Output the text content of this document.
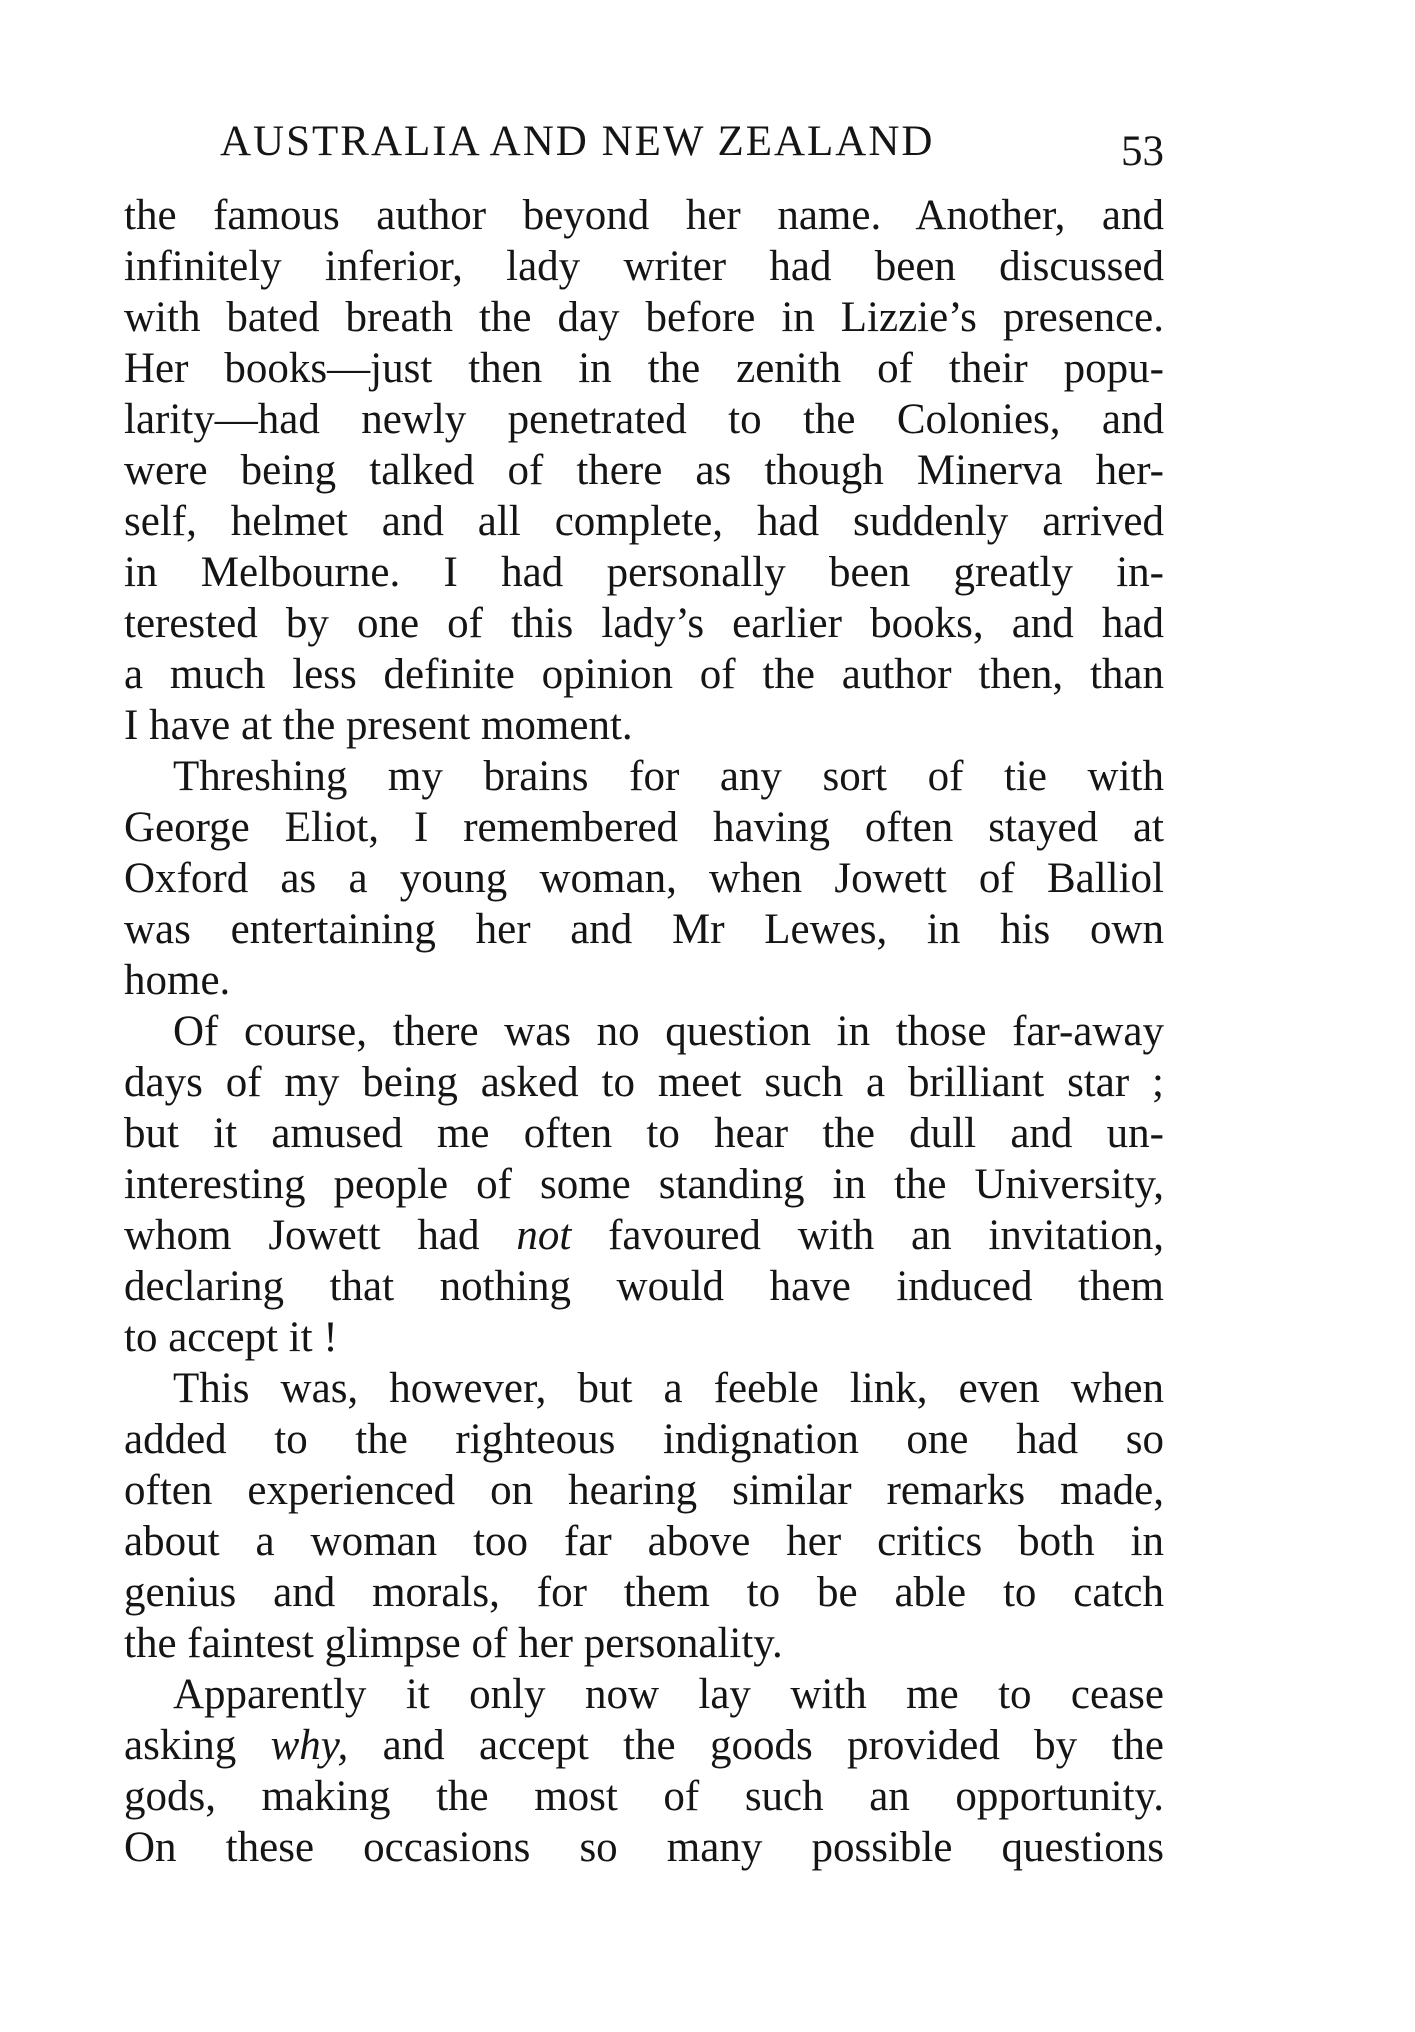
AUSTRALIA AND NEW ZEALAND	53
the famous author beyond her name. Another, and
infinitely inferior, lady writer had been discussed
with bated breath the day before in Lizzie’s presence.
Her books—just then in the zenith of their popu-
larity—had newly penetrated to the Colonies, and
were being talked of there as though Minerva her-
self, helmet and all complete, had suddenly arrived
in Melbourne. I had personally been greatly in-
terested by one of this lady’s earlier books, and had
a much less definite opinion of the author then, than
I have at the present moment.
Threshing my brains for any sort of tie with
George Eliot, I remembered having often stayed at
Oxford as a young woman, when Jowett of Balliol
was entertaining her and Mr Lewes, in his own
home.
Of course, there was no question in those far-away
days of my being asked to meet such a brilliant star ;
but it amused me often to hear the dull and un-
interesting people of some standing in the University,
whom Jowett had not favoured with an invitation,
declaring that nothing would have induced them
to accept it !
This was, however, but a feeble link, even when
added to the righteous indignation one had so
often experienced on hearing similar remarks made,
about a woman too far above her critics both in
genius and morals, for them to be able to catch
the faintest glimpse of her personality.
Apparently it only now lay with me to cease
asking why, and accept the goods provided by the
gods, making the most of such an opportunity.
On these occasions so many possible questions
